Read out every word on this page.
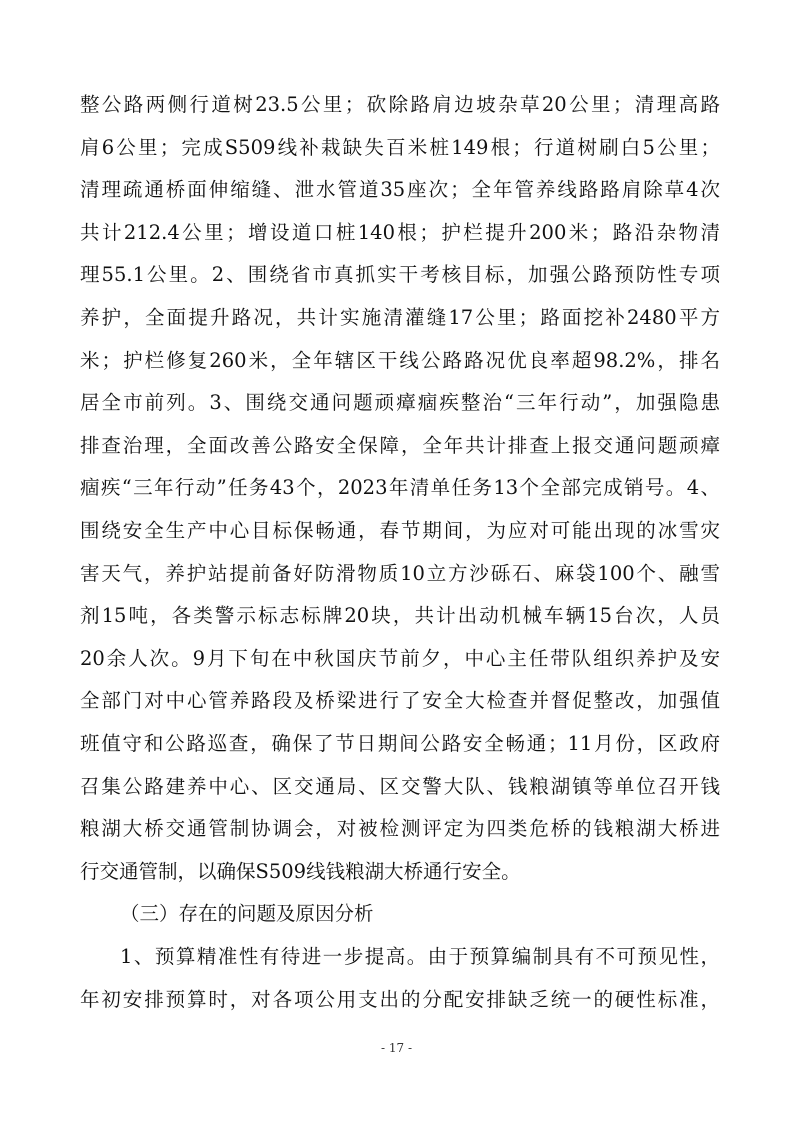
整公路两侧行道树23.5公里；砍除路肩边坡杂草20公里；清理高路
肩6公里；完成S509线补栽缺失百米桩149根；行道树刷白5公里；
清理疏通桥面伸缩缝、泄水管道35座次；全年管养线路路肩除草4次
共计212.4公里；增设道口桩140根；护栏提升200米；路沿杂物清
理55.1公里。2、围绕省市真抓实干考核目标，加强公路预防性专项
养护，全面提升路况，共计实施清灌缝17公里；路面挖补2480平方
米；护栏修复260米，全年辖区干线公路路况优良率超98.2%，排名
居全市前列。3、围绕交通问题顽瘴痼疾整治“三年行动”，加强隐患
排查治理，全面改善公路安全保障，全年共计排查上报交通问题顽瘴
痼疾“三年行动”任务43个，2023年清单任务13个全部完成销号。4、
围绕安全生产中心目标保畅通，春节期间，为应对可能出现的冰雪灾
害天气，养护站提前备好防滑物质10立方沙砾石、麻袋100个、融雪
剂15吨，各类警示标志标牌20块，共计出动机械车辆15台次，人员
20余人次。9月下旬在中秋国庆节前夕，中心主任带队组织养护及安
全部门对中心管养路段及桥梁进行了安全大检查并督促整改，加强值
班值守和公路巡查，确保了节日期间公路安全畅通；11月份，区政府
召集公路建养中心、区交通局、区交警大队、钱粮湖镇等单位召开钱
粮湖大桥交通管制协调会，对被检测评定为四类危桥的钱粮湖大桥进
行交通管制，以确保S509线钱粮湖大桥通行安全。
（三）存在的问题及原因分析
1、预算精准性有待进一步提高。由于预算编制具有不可预见性，
年初安排预算时，对各项公用支出的分配安排缺乏统一的硬性标准，
- 17 -
